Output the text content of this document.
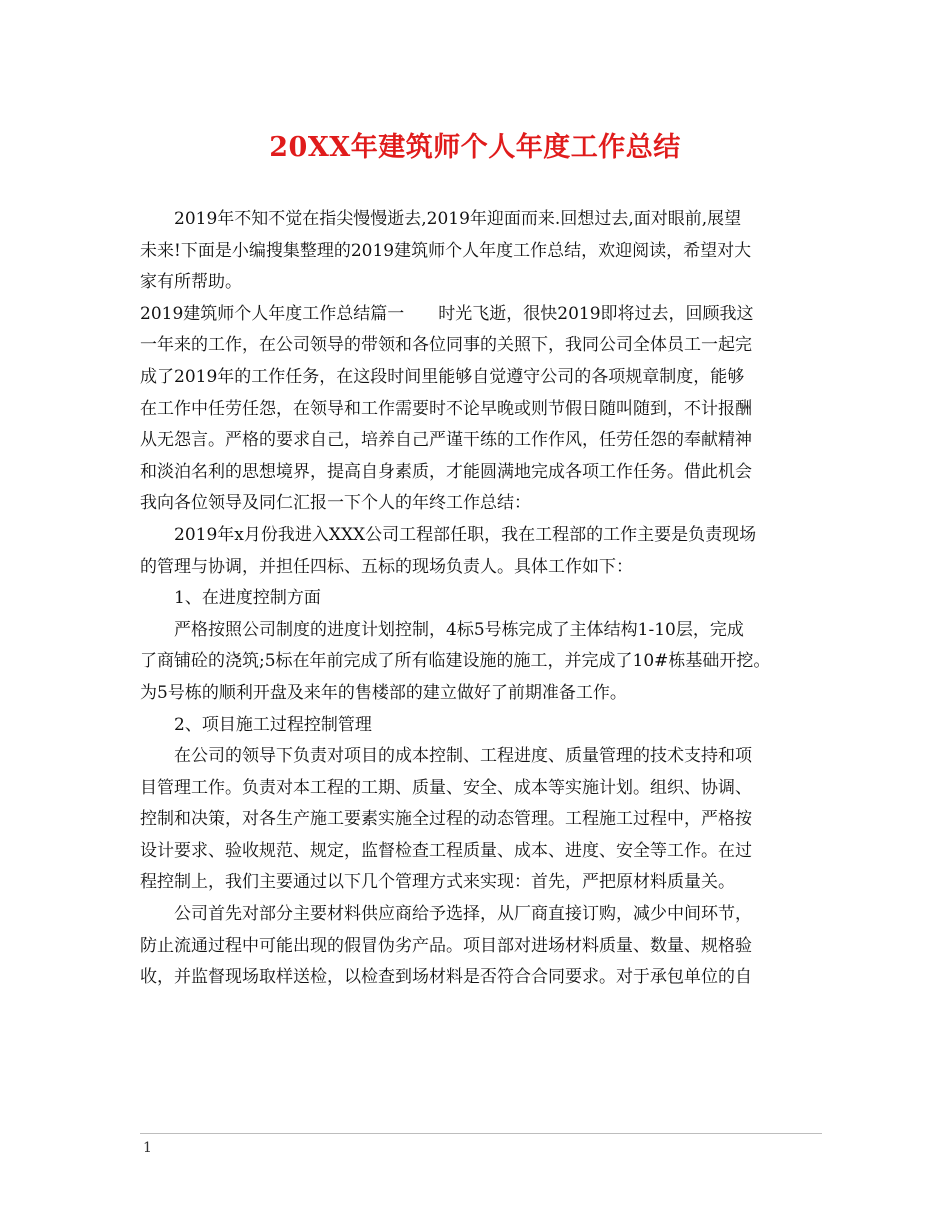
20XX年建筑师个人年度工作总结
2019年不知不觉在指尖慢慢逝去,2019年迎面而来.回想过去,面对眼前,展望
未来!下面是小编搜集整理的2019建筑师个人年度工作总结，欢迎阅读，希望对大
家有所帮助。
2019建筑师个人年度工作总结篇一　　时光飞逝，很快2019即将过去，回顾我这
一年来的工作，在公司领导的带领和各位同事的关照下，我同公司全体员工一起完
成了2019年的工作任务，在这段时间里能够自觉遵守公司的各项规章制度，能够
在工作中任劳任怨，在领导和工作需要时不论早晚或则节假日随叫随到，不计报酬
从无怨言。严格的要求自己，培养自己严谨干练的工作作风，任劳任怨的奉献精神
和淡泊名利的思想境界，提高自身素质，才能圆满地完成各项工作任务。借此机会
我向各位领导及同仁汇报一下个人的年终工作总结：
2019年x月份我进入XXX公司工程部任职，我在工程部的工作主要是负责现场
的管理与协调，并担任四标、五标的现场负责人。具体工作如下：
1、在进度控制方面
严格按照公司制度的进度计划控制，4标5号栋完成了主体结构1-10层，完成
了商铺砼的浇筑;5标在年前完成了所有临建设施的施工，并完成了10#栋基础开挖。
为5号栋的顺利开盘及来年的售楼部的建立做好了前期准备工作。
2、项目施工过程控制管理
在公司的领导下负责对项目的成本控制、工程进度、质量管理的技术支持和项
目管理工作。负责对本工程的工期、质量、安全、成本等实施计划。组织、协调、
控制和决策，对各生产施工要素实施全过程的动态管理。工程施工过程中，严格按
设计要求、验收规范、规定，监督检查工程质量、成本、进度、安全等工作。在过
程控制上，我们主要通过以下几个管理方式来实现：首先，严把原材料质量关。
公司首先对部分主要材料供应商给予选择，从厂商直接订购，减少中间环节，
防止流通过程中可能出现的假冒伪劣产品。项目部对进场材料质量、数量、规格验
收，并监督现场取样送检，以检查到场材料是否符合合同要求。对于承包单位的自
1
